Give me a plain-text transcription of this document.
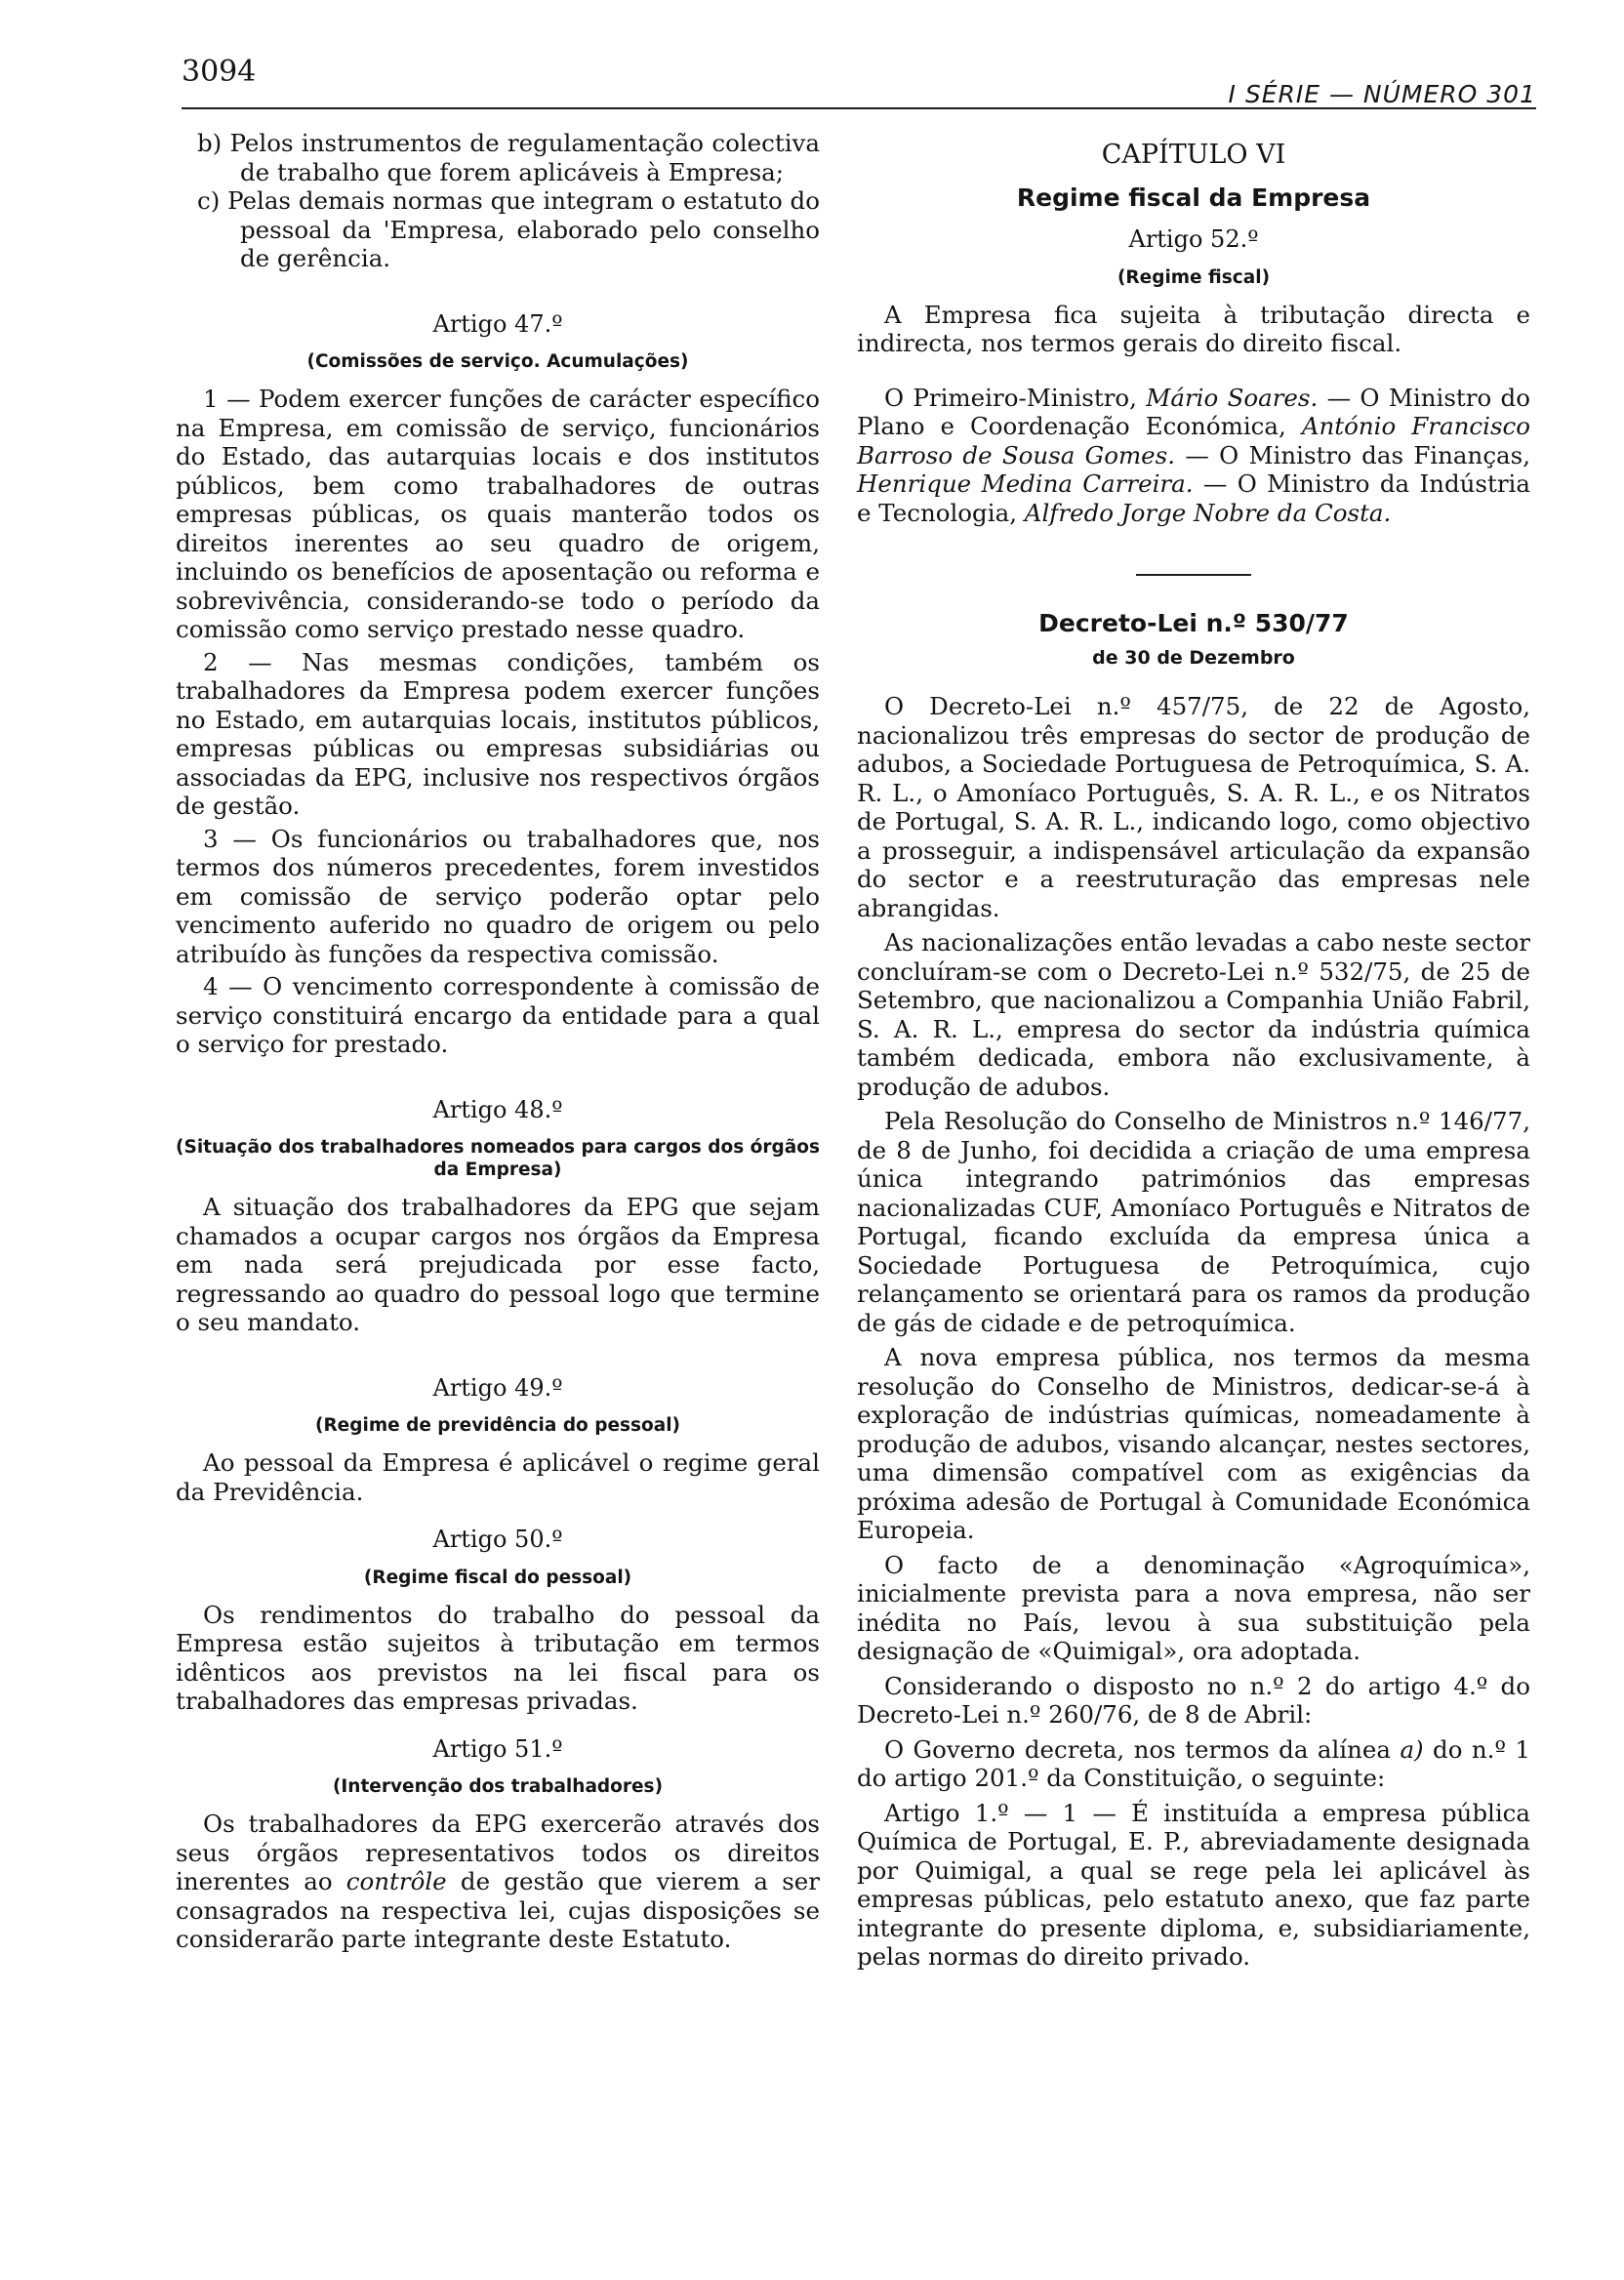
3094
I SÉRIE — NÚMERO 301

b) Pelos instrumentos de regulamentação colectiva de trabalho que forem aplicáveis à Empresa;

c) Pelas demais normas que integram o estatuto do pessoal da 'Empresa, elaborado pelo conselho de gerência.

Artigo 47.º
(Comissões de serviço. Acumulações)

1 — Podem exercer funções de carácter específico na Empresa, em comissão de serviço, funcionários do Estado, das autarquias locais e dos institutos públicos, bem como trabalhadores de outras empresas públicas, os quais manterão todos os direitos inerentes ao seu quadro de origem, incluindo os benefícios de aposentação ou reforma e sobrevivência, considerando-se todo o período da comissão como serviço prestado nesse quadro.

2 — Nas mesmas condições, também os trabalhadores da Empresa podem exercer funções no Estado, em autarquias locais, institutos públicos, empresas públicas ou empresas subsidiárias ou associadas da EPG, inclusive nos respectivos órgãos de gestão.

3 — Os funcionários ou trabalhadores que, nos termos dos números precedentes, forem investidos em comissão de serviço poderão optar pelo vencimento auferido no quadro de origem ou pelo atribuído às funções da respectiva comissão.

4 — O vencimento correspondente à comissão de serviço constituirá encargo da entidade para a qual o serviço for prestado.

Artigo 48.º
(Situação dos trabalhadores nomeados para cargos dos órgãos da Empresa)

A situação dos trabalhadores da EPG que sejam chamados a ocupar cargos nos órgãos da Empresa em nada será prejudicada por esse facto, regressando ao quadro do pessoal logo que termine o seu mandato.

Artigo 49.º
(Regime de previdência do pessoal)

Ao pessoal da Empresa é aplicável o regime geral da Previdência.

Artigo 50.º
(Regime fiscal do pessoal)

Os rendimentos do trabalho do pessoal da Empresa estão sujeitos à tributação em termos idênticos aos previstos na lei fiscal para os trabalhadores das empresas privadas.

Artigo 51.º
(Intervenção dos trabalhadores)

Os trabalhadores da EPG exercerão através dos seus órgãos representativos todos os direitos inerentes ao contrôle de gestão que vierem a ser consagrados na respectiva lei, cujas disposições se considerarão parte integrante deste Estatuto.

CAPÍTULO VI
Regime fiscal da Empresa
Artigo 52.º
(Regime fiscal)

A Empresa fica sujeita à tributação directa e indirecta, nos termos gerais do direito fiscal.

O Primeiro-Ministro, Mário Soares. — O Ministro do Plano e Coordenação Económica, António Francisco Barroso de Sousa Gomes. — O Ministro das Finanças, Henrique Medina Carreira. — O Ministro da Indústria e Tecnologia, Alfredo Jorge Nobre da Costa.

Decreto-Lei n.º 530/77
de 30 de Dezembro

O Decreto-Lei n.º 457/75, de 22 de Agosto, nacionalizou três empresas do sector de produção de adubos, a Sociedade Portuguesa de Petroquímica, S. A. R. L., o Amoníaco Português, S. A. R. L., e os Nitratos de Portugal, S. A. R. L., indicando logo, como objectivo a prosseguir, a indispensável articulação da expansão do sector e a reestruturação das empresas nele abrangidas.

As nacionalizações então levadas a cabo neste sector concluíram-se com o Decreto-Lei n.º 532/75, de 25 de Setembro, que nacionalizou a Companhia União Fabril, S. A. R. L., empresa do sector da indústria química também dedicada, embora não exclusivamente, à produção de adubos.

Pela Resolução do Conselho de Ministros n.º 146/77, de 8 de Junho, foi decidida a criação de uma empresa única integrando patrimónios das empresas nacionalizadas CUF, Amoníaco Português e Nitratos de Portugal, ficando excluída da empresa única a Sociedade Portuguesa de Petroquímica, cujo relançamento se orientará para os ramos da produção de gás de cidade e de petroquímica.

A nova empresa pública, nos termos da mesma resolução do Conselho de Ministros, dedicar-se-á à exploração de indústrias químicas, nomeadamente à produção de adubos, visando alcançar, nestes sectores, uma dimensão compatível com as exigências da próxima adesão de Portugal à Comunidade Económica Europeia.

O facto de a denominação «Agroquímica», inicialmente prevista para a nova empresa, não ser inédita no País, levou à sua substituição pela designação de «Quimigal», ora adoptada.

Considerando o disposto no n.º 2 do artigo 4.º do Decreto-Lei n.º 260/76, de 8 de Abril:

O Governo decreta, nos termos da alínea a) do n.º 1 do artigo 201.º da Constituição, o seguinte:

Artigo 1.º — 1 — É instituída a empresa pública Química de Portugal, E. P., abreviadamente designada por Quimigal, a qual se rege pela lei aplicável às empresas públicas, pelo estatuto anexo, que faz parte integrante do presente diploma, e, subsidiariamente, pelas normas do direito privado.
